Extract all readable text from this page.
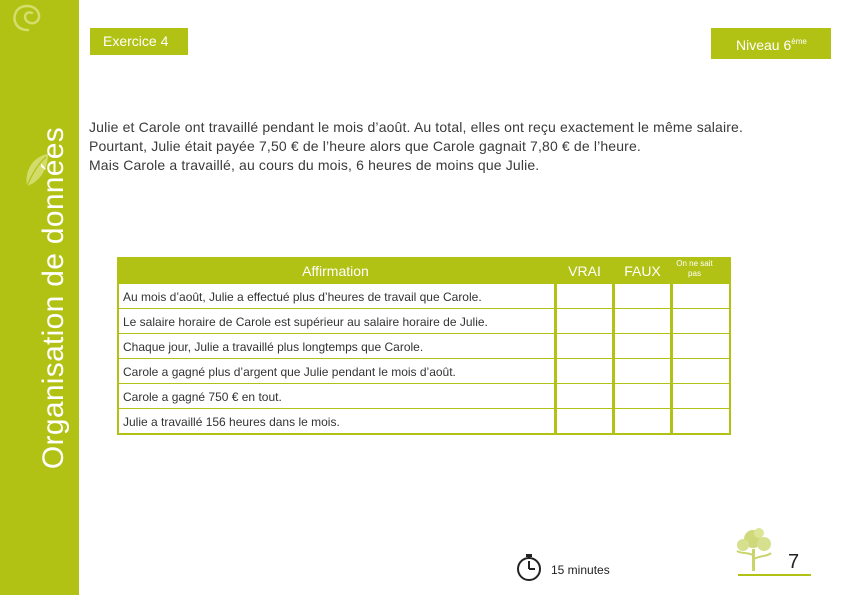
Organisation de données
Exercice 4	Niveau 6ème

Julie et Carole ont travaillé pendant le mois d’août. Au total, elles ont reçu exactement le même salaire.

Pourtant, Julie était payée 7,50 € de l’heure alors que Carole gagnait 7,80 € de l’heure.

Mais Carole a travaillé, au cours du mois, 6 heures de moins que Julie.

Affirmation	VRAI FAUX	On ne sait pas
Au mois d’août, Julie a effectué plus d’heures de travail que Carole.
Le salaire horaire de Carole est supérieur au salaire horaire de Julie.
Chaque jour, Julie a travaillé plus longtemps que Carole.
Carole a gagné plus d’argent que Julie pendant le mois d’août.
Carole a gagné 750 € en tout.
Julie a travaillé 156 heures dans le mois.
15 minutes	7
